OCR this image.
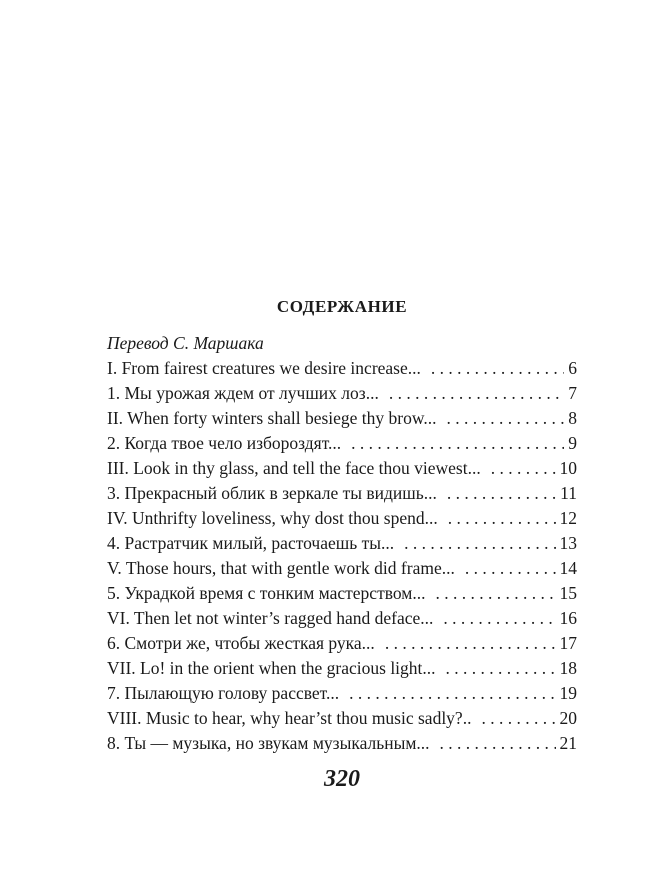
СОДЕРЖАНИЕ
Перевод С. Маршака
I. From fairest creatures we desire increase... . . .	6
1. Мы урожая ждем от лучших лоз... . . .	7
II. When forty winters shall besiege thy brow... . . .	8
2. Когда твое чело избороздят... . . .	9
III. Look in thy glass, and tell the face thou viewest... . . .	10
3. Прекрасный облик в зеркале ты видишь... . . .	11
IV. Unthrifty loveliness, why dost thou spend... . . .	12
4. Растратчик милый, расточаешь ты... . . .	13
V. Those hours, that with gentle work did frame... . . .	14
5. Украдкой время с тонким мастерством... . . .	15
VI. Then let not winter’s ragged hand deface... . . .	16
6. Смотри же, чтобы жесткая рука... . . .	17
VII. Lo! in the orient when the gracious light... . . .	18
7. Пылающую голову рассвет... . . .	19
VIII. Music to hear, why hear’st thou music sadly?.. . . .	20
8. Ты — музыка, но звукам музыкальным... . . .	21
320
